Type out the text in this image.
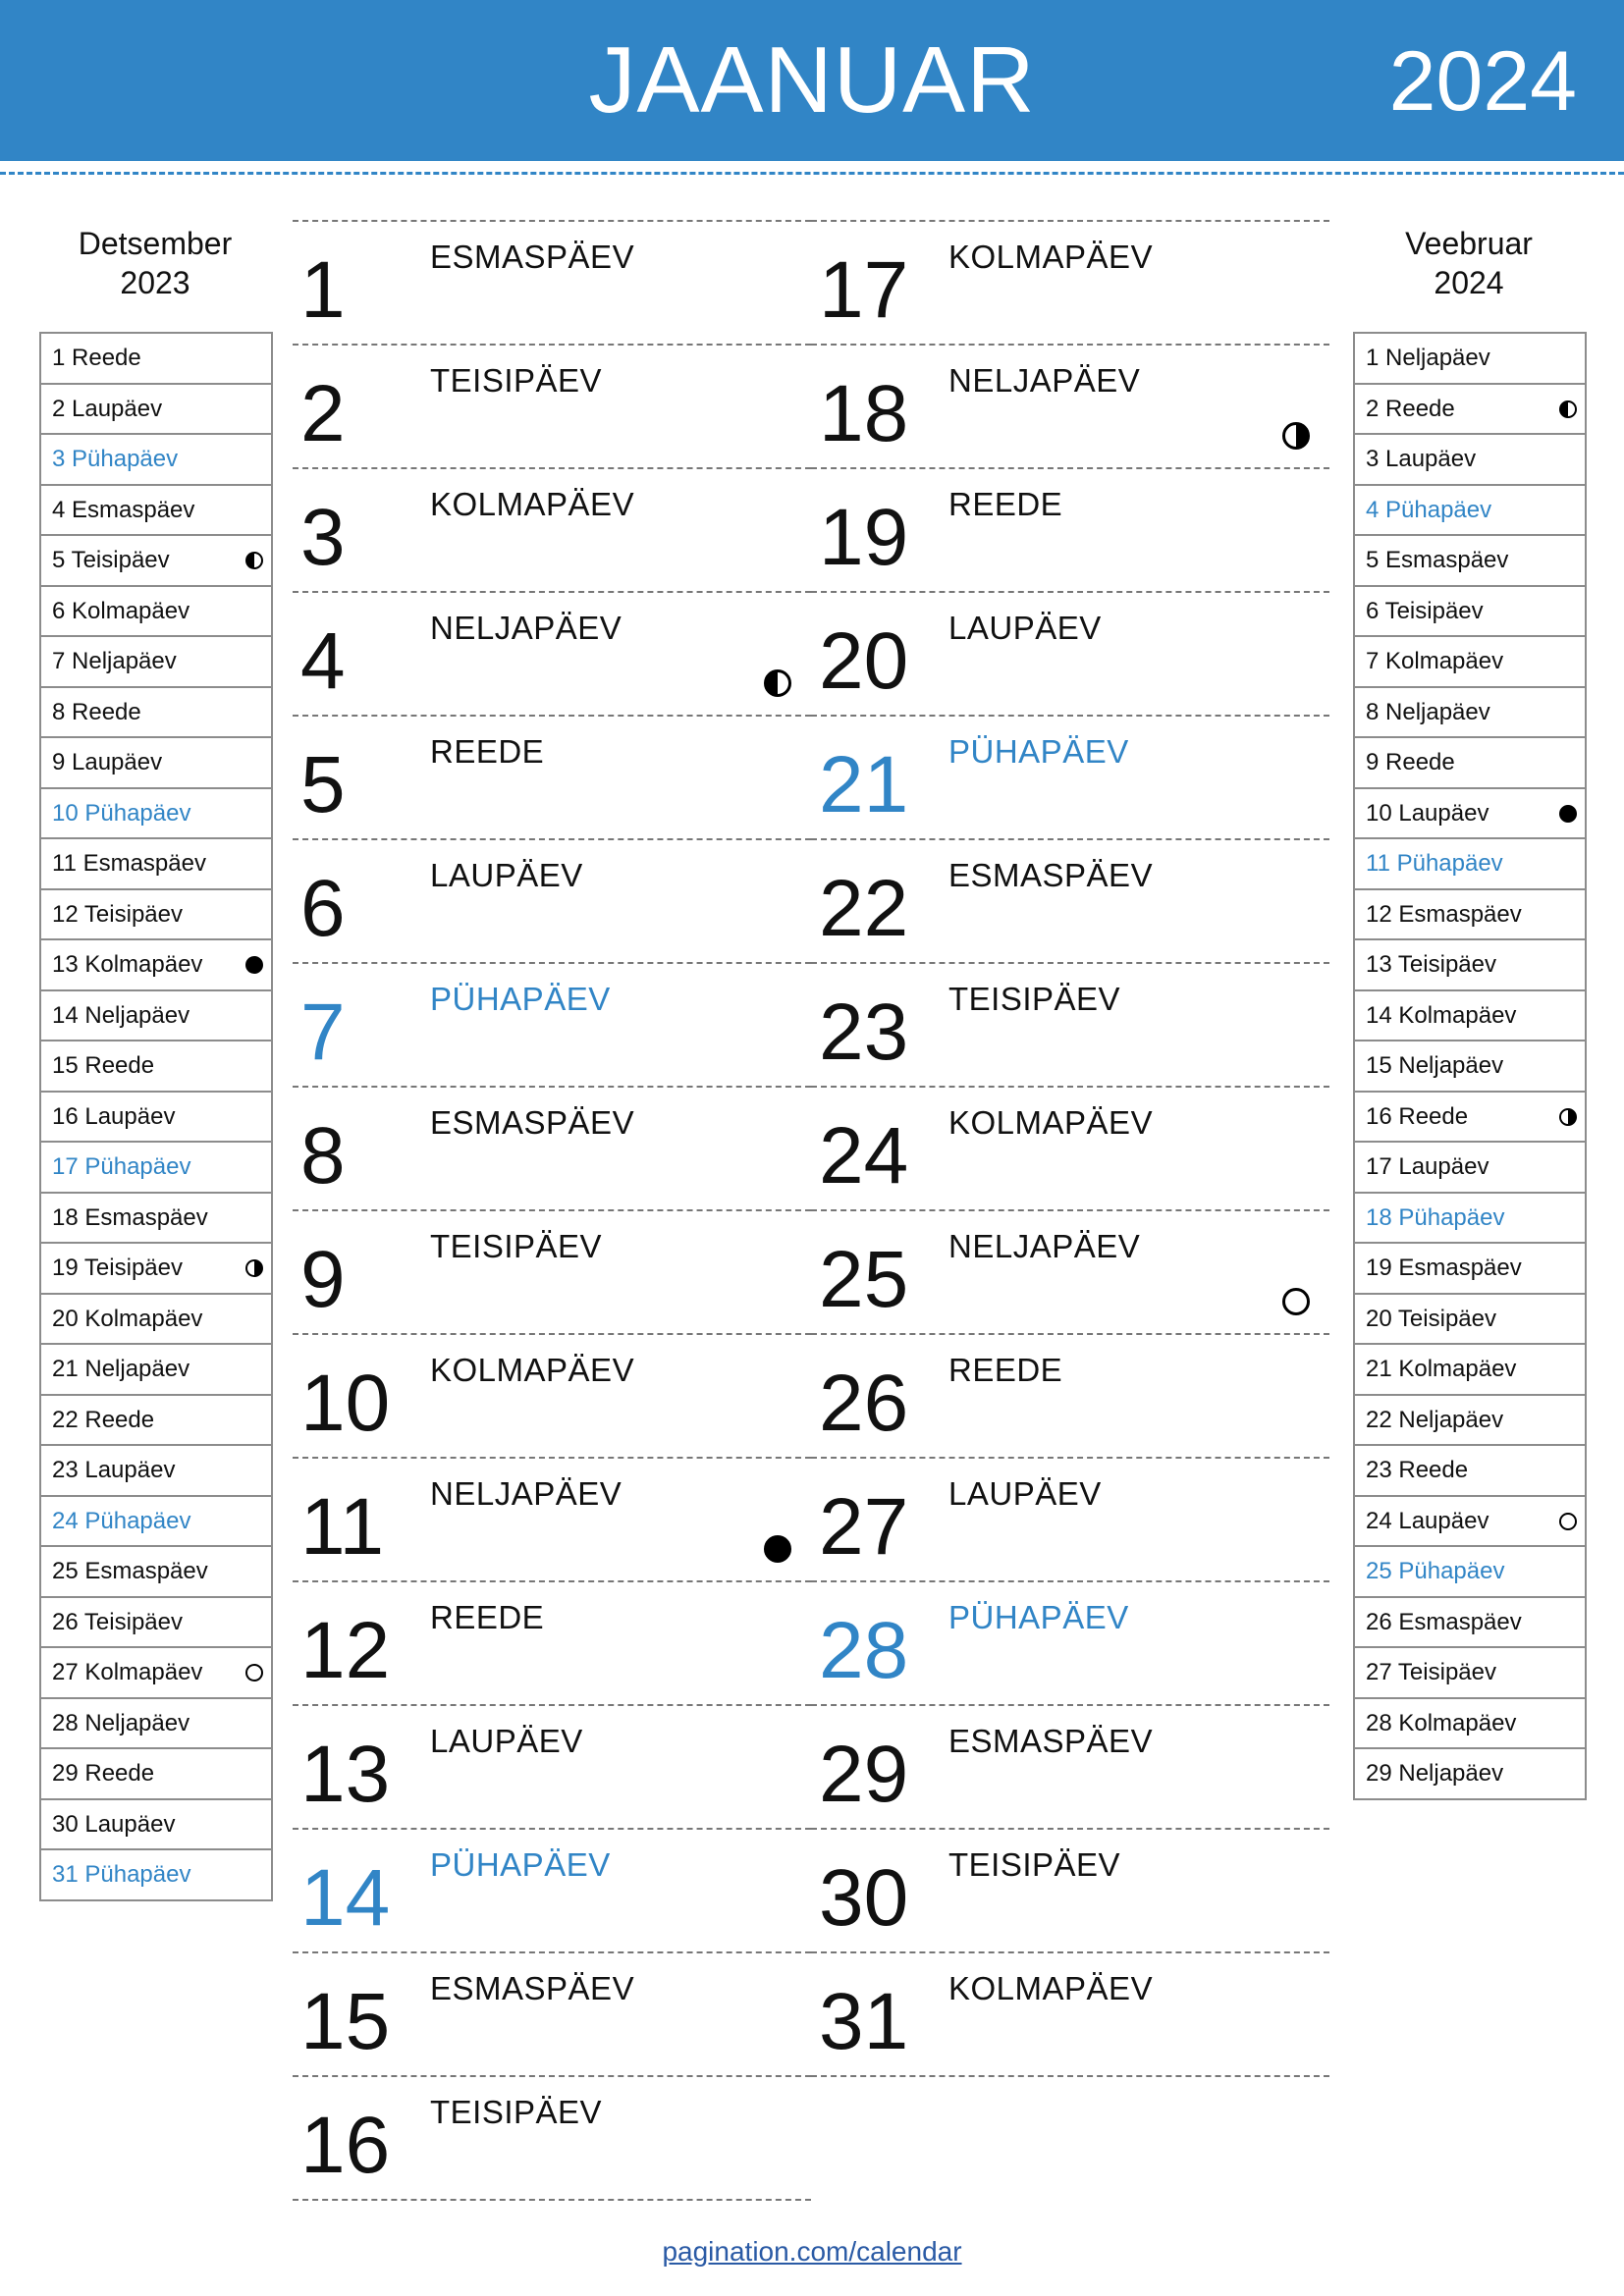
JAANUAR	2024
Detsember
2023
1 Reede
2 Laupäev
3 Pühapäev
4 Esmaspäev
5 Teisipäev
6 Kolmapäev
7 Neljapäev
8 Reede
9 Laupäev
10 Pühapäev
11 Esmaspäev
12 Teisipäev
13 Kolmapäev
14 Neljapäev
15 Reede
16 Laupäev
17 Pühapäev
18 Esmaspäev
19 Teisipäev
20 Kolmapäev
21 Neljapäev
22 Reede
23 Laupäev
24 Pühapäev
25 Esmaspäev
26 Teisipäev
27 Kolmapäev
28 Neljapäev
29 Reede
30 Laupäev
31 Pühapäev
Veebruar
2024
1 Neljapäev
2 Reede
3 Laupäev
4 Pühapäev
5 Esmaspäev
6 Teisipäev
7 Kolmapäev
8 Neljapäev
9 Reede
10 Laupäev
11 Pühapäev
12 Esmaspäev
13 Teisipäev
14 Kolmapäev
15 Neljapäev
16 Reede
17 Laupäev
18 Pühapäev
19 Esmaspäev
20 Teisipäev
21 Kolmapäev
22 Neljapäev
23 Reede
24 Laupäev
25 Pühapäev
26 Esmaspäev
27 Teisipäev
28 Kolmapäev
29 Neljapäev
1	ESMASPÄEV
2	TEISIPÄEV
3	KOLMAPÄEV
4	NELJAPÄEV
5	REEDE
6	LAUPÄEV
7	PÜHAPÄEV
8	ESMASPÄEV
9	TEISIPÄEV
10 KOLMAPÄEV
11 NELJAPÄEV
12 REEDE
13 LAUPÄEV
14 PÜHAPÄEV
15 ESMASPÄEV
16 TEISIPÄEV
17 KOLMAPÄEV
18 NELJAPÄEV
19 REEDE
20 LAUPÄEV
21 PÜHAPÄEV
22 ESMASPÄEV
23 TEISIPÄEV
24 KOLMAPÄEV
25 NELJAPÄEV
26 REEDE
27 LAUPÄEV
28 PÜHAPÄEV
29 ESMASPÄEV
30 TEISIPÄEV
31 KOLMAPÄEV
pagination.com/calendar
